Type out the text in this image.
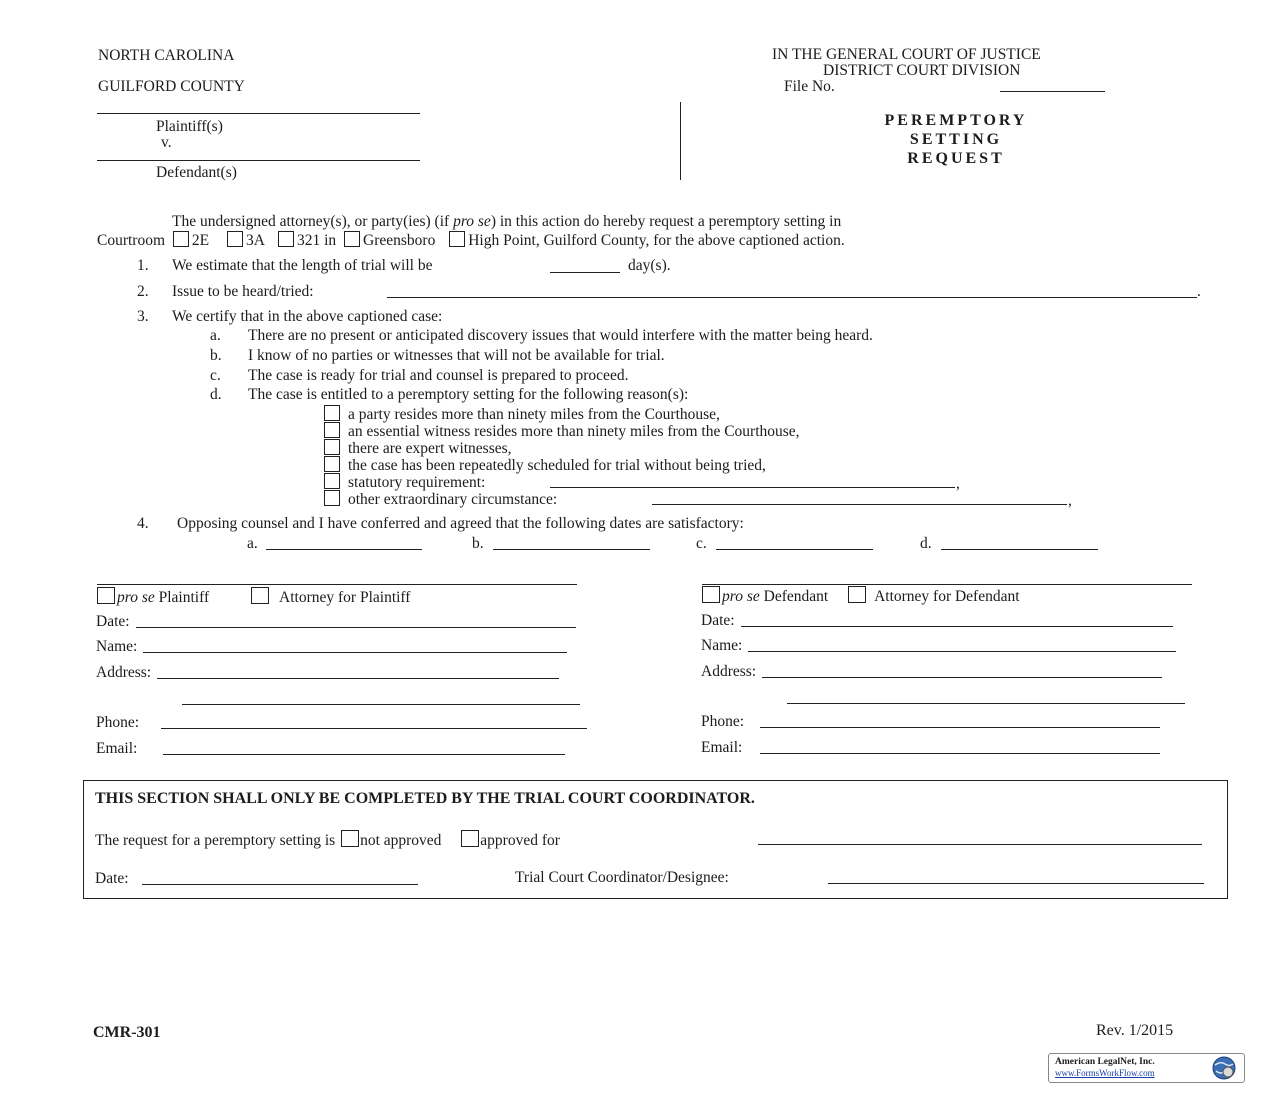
NORTH CAROLINA
GUILFORD COUNTY
IN THE GENERAL COURT OF JUSTICE
DISTRICT COURT DIVISION
File No.
Plaintiff(s)
v.
Defendant(s)
PEREMPTORY
SETTING
REQUEST
The undersigned attorney(s), or party(ies) (if pro se) in this action do hereby request a peremptory setting in
Courtroom 2E 3A 321 in Greensboro High Point, Guilford County, for the above captioned action.
1. We estimate that the length of trial will be	day(s).
2. Issue to be heard/tried:	.
3. We certify that in the above captioned case:
a. There are no present or anticipated discovery issues that would interfere with the matter being heard.
b. I know of no parties or witnesses that will not be available for trial.
c. The case is ready for trial and counsel is prepared to proceed.
d. The case is entitled to a peremptory setting for the following reason(s):
a party resides more than ninety miles from the Courthouse,
an essential witness resides more than ninety miles from the Courthouse,
there are expert witnesses,
the case has been repeatedly scheduled for trial without being tried,
statutory requirement:	,
other extraordinary circumstance:	,
4. Opposing counsel and I have conferred and agreed that the following dates are satisfactory:
a.	b.	c.	d.
pro se Plaintiff	Attorney for Plaintiff
Date:
Name:
Address:
Phone:
Email:
pro se Defendant	Attorney for Defendant
Date:
Name:
Address:
Phone:
Email:
THIS SECTION SHALL ONLY BE COMPLETED BY THE TRIAL COURT COORDINATOR.
The request for a peremptory setting is not approved	approved for
Date:	Trial Court Coordinator/Designee:
CMR-301	Rev. 1/2015
American LegalNet, Inc.
www.FormsWorkFlow.com
